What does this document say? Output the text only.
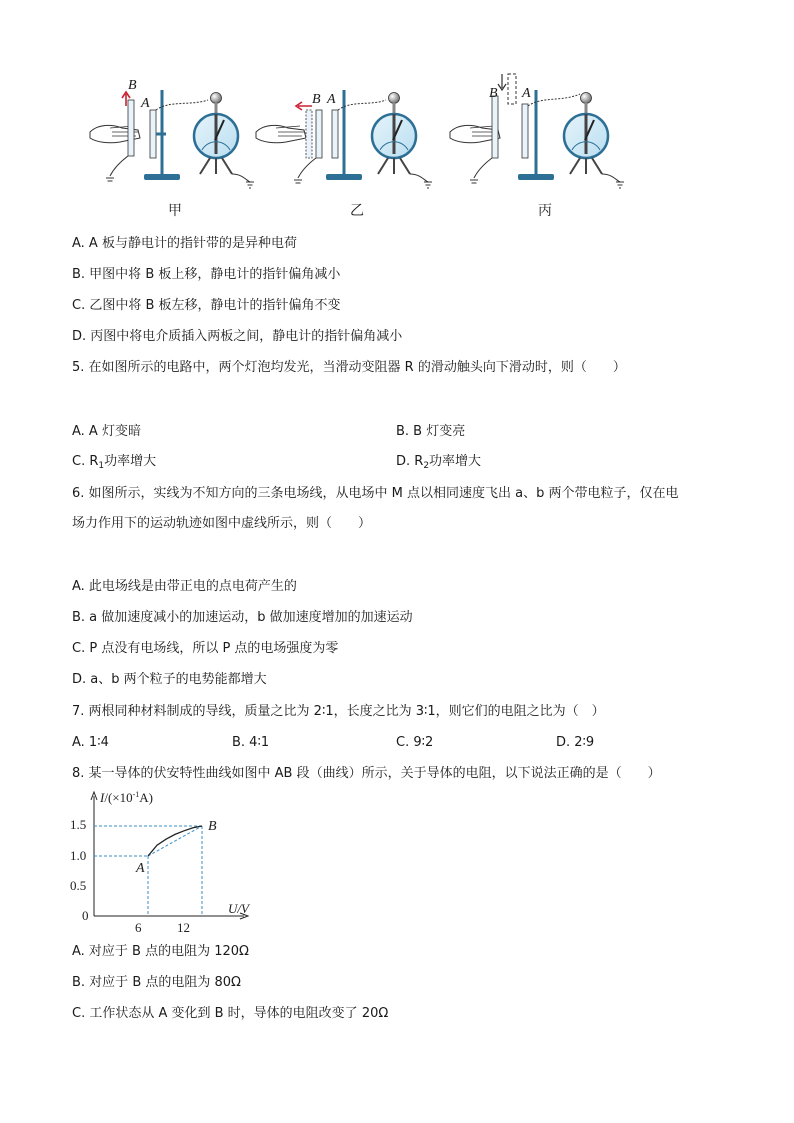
B
A	B A	B A
甲	乙	丙
A. A 板与静电计的指针带的是异种电荷
B. 甲图中将 B 板上移，静电计的指针偏角减小
C. 乙图中将 B 板左移，静电计的指针偏角不变
D. 丙图中将电介质插入两板之间，静电计的指针偏角减小
5. 在如图所示的电路中，两个灯泡均发光，当滑动变阻器 R 的滑动触头向下滑动时，则（　　）
A. A 灯变暗	B. B 灯变亮
C. $R_1$功率增大	D. $R_2$功率增大
6. 如图所示，实线为不知方向的三条电场线，从电场中 M 点以相同速度飞出 a、b 两个带电粒子，仅在电
场力作用下的运动轨迹如图中虚线所示，则（　　）
A. 此电场线是由带正电的点电荷产生的
B. a 做加速度减小的加速运动，b 做加速度增加的加速运动
C. P 点没有电场线，所以 P 点的电场强度为零
D. a、b 两个粒子的电势能都增大
7. 两根同种材料制成的导线，质量之比为 2∶1，长度之比为 3∶1，则它们的电阻之比为（　）
A. 1∶4	B. 4∶1	C. 9∶2	D. 2∶9
8. 某一导体的伏安特性曲线如图中 AB 段（曲线）所示，关于导体的电阻，以下说法正确的是（　　）
$I/(\times 10^{-1}A)$
1.5
1.0
0.5
0
6	12
U/V
A
B
A. 对应于 B 点的电阻为 120Ω
B. 对应于 B 点的电阻为 80Ω
C. 工作状态从 A 变化到 B 时，导体的电阻改变了 20Ω
